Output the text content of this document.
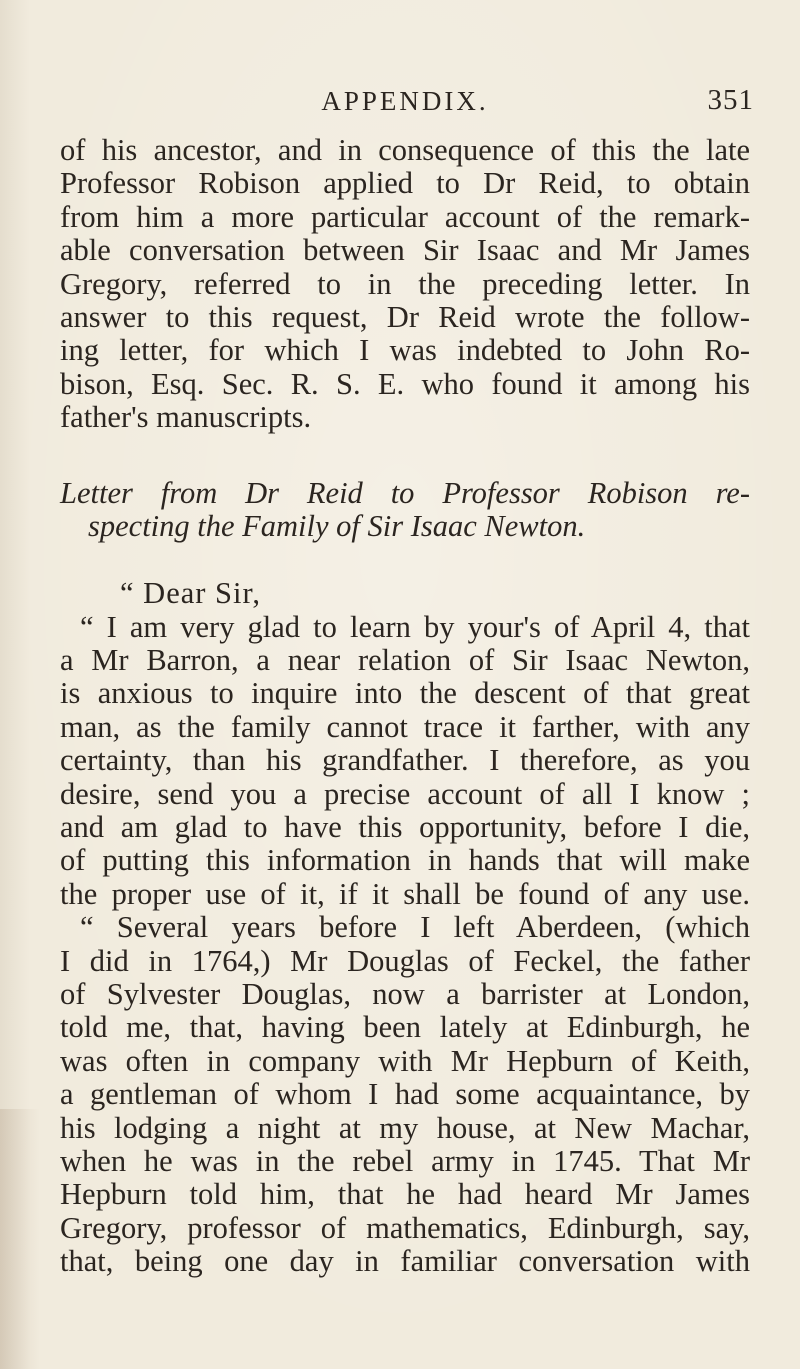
APPENDIX.	351
of his ancestor, and in consequence of this the late
Professor Robison applied to Dr Reid, to obtain
from him a more particular account of the remark-
able conversation between Sir Isaac and Mr James
Gregory, referred to in the preceding letter. In
answer to this request, Dr Reid wrote the follow-
ing letter, for which I was indebted to John Ro-
bison, Esq. Sec. R. S. E. who found it among his
father's manuscripts.
Letter from Dr Reid to Professor Robison re-
specting the Family of Sir Isaac Newton.
“ Dear Sir,
“ I am very glad to learn by your's of April 4, that
a Mr Barron, a near relation of Sir Isaac Newton,
is anxious to inquire into the descent of that great
man, as the family cannot trace it farther, with any
certainty, than his grandfather. I therefore, as you
desire, send you a precise account of all I know ;
and am glad to have this opportunity, before I die,
of putting this information in hands that will make
the proper use of it, if it shall be found of any use.
“ Several years before I left Aberdeen, (which
I did in 1764,) Mr Douglas of Feckel, the father
of Sylvester Douglas, now a barrister at London,
told me, that, having been lately at Edinburgh, he
was often in company with Mr Hepburn of Keith,
a gentleman of whom I had some acquaintance, by
his lodging a night at my house, at New Machar,
when he was in the rebel army in 1745. That Mr
Hepburn told him, that he had heard Mr James
Gregory, professor of mathematics, Edinburgh, say,
that, being one day in familiar conversation with
